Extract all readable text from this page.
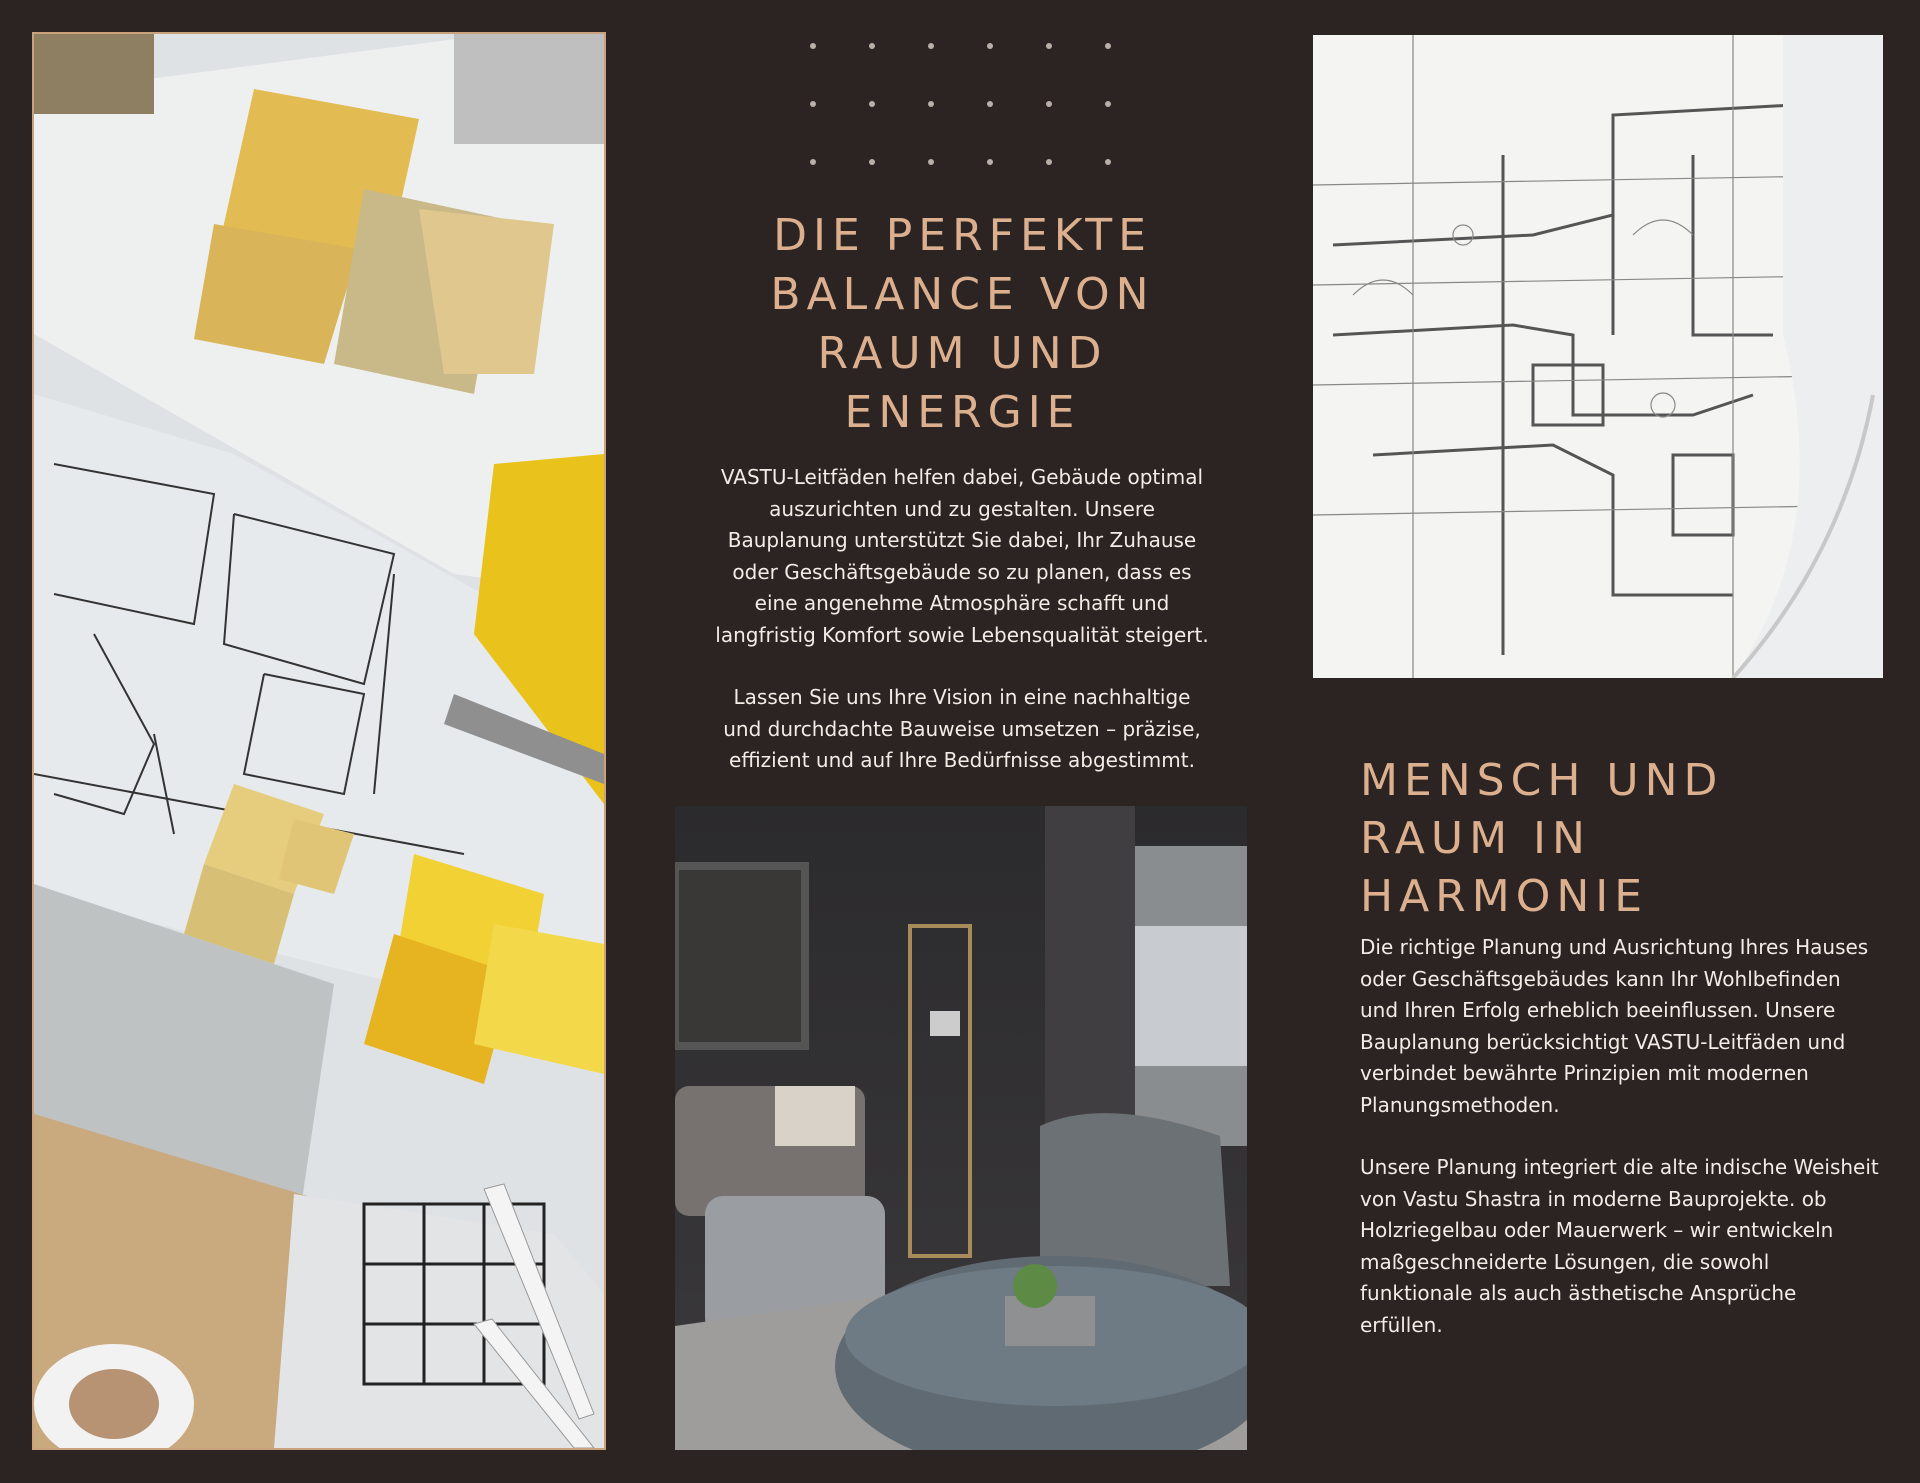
DIE PERFEKTE
BALANCE VON
RAUM UND
ENERGIE

VASTU-Leitfäden helfen dabei, Gebäude optimal auszurichten und zu gestalten. Unsere Bauplanung unterstützt Sie dabei, Ihr Zuhause oder Geschäftsgebäude so zu planen, dass es eine angenehme Atmosphäre schafft und langfristig Komfort sowie Lebensqualität steigert.

Lassen Sie uns Ihre Vision in eine nachhaltige und durchdachte Bauweise umsetzen – präzise, effizient und auf Ihre Bedürfnisse abgestimmt.	MENSCH UND
RAUM IN
HARMONIE

Die richtige Planung und Ausrichtung Ihres Hauses oder Geschäftsgebäudes kann Ihr Wohlbefinden und Ihren Erfolg erheblich beeinflussen. Unsere Bauplanung berücksichtigt VASTU-Leitfäden und verbindet bewährte Prinzipien mit modernen Planungsmethoden.

Unsere Planung integriert die alte indische Weisheit von Vastu Shastra in moderne Bauprojekte. ob Holzriegelbau oder Mauerwerk – wir entwickeln maßgeschneiderte Lösungen, die sowohl funktionale als auch ästhetische Ansprüche erfüllen.
